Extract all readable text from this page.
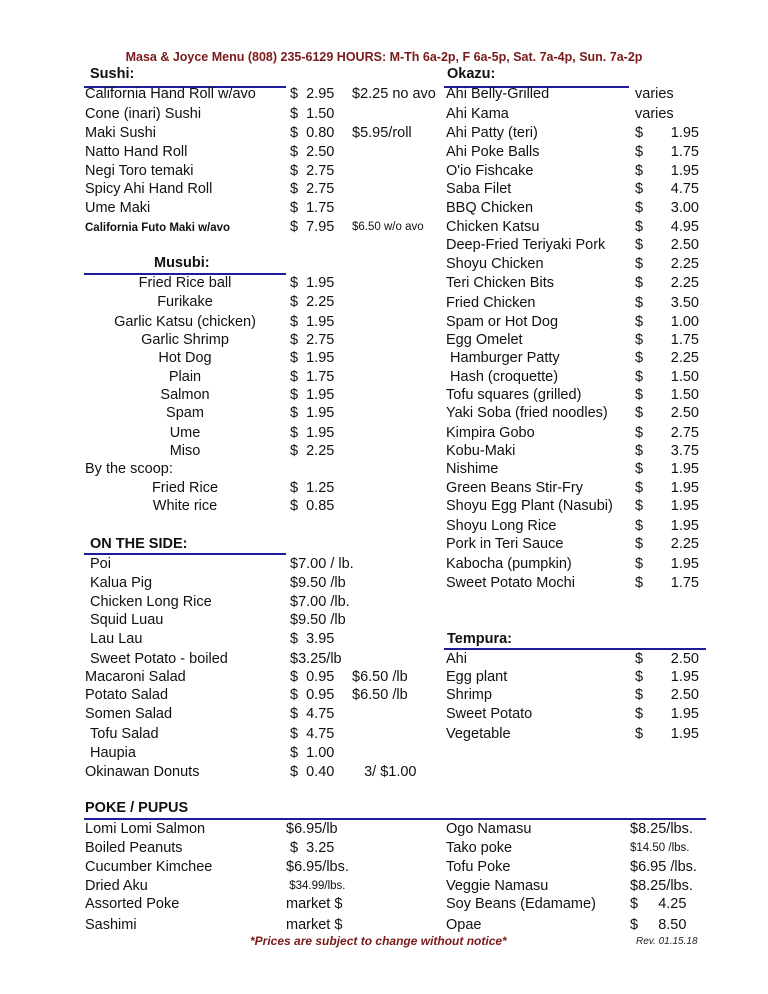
Masa & Joyce Menu (808) 235-6129 HOURS: M-Th 6a-2p, F 6a-5p, Sat. 7a-4p, Sun. 7a-2p
Sushi:	Okazu:
Musubi:
ON THE SIDE:
Tempura:
POKE / PUPUS
*Prices are subject to change without notice*	Rev. 01.15.18
California Hand Roll w/avo $  2.95 $2.25 no avo
Cone (inari) Sushi	$  1.50
Maki Sushi	$  0.80 $5.95/roll
Natto Hand Roll	$  2.50
Negi Toro temaki	$  2.75
Spicy Ahi Hand Roll	$  2.75
Ume Maki	$  1.75
California Futo Maki w/avo	$  7.95 $6.50 w/o avo
Fried Rice ball	$  1.95
Furikake	$  2.25
Garlic Katsu (chicken)	$  1.95
Garlic Shrimp	$  2.75
Hot Dog	$  1.95
Plain	$  1.75
Salmon	$  1.95
Spam	$  1.95
Ume	$  1.95
Miso	$  2.25
By the scoop:
Fried Rice	$  1.25
White rice	$  0.85
Poi	$7.00 / lb.
Kalua Pig	$9.50 /lb
Chicken Long Rice	$7.00 /lb.
Squid Luau	$9.50 /lb
Lau Lau	$  3.95
Sweet Potato - boiled	$3.25/lb
Macaroni Salad	$  0.95 $6.50 /lb
Potato Salad	$  0.95 $6.50 /lb
Somen Salad	$  4.75
Tofu Salad	$  4.75
Haupia	$  1.00
Okinawan Donuts	$  0.40 3/ $1.00
Ahi Belly-Grilled	varies
Ahi Kama	varies
Ahi Patty (teri)	$	1.95
Ahi Poke Balls	$	1.75
O'io Fishcake	$	1.95
Saba Filet	$	4.75
BBQ Chicken	$	3.00
Chicken Katsu	$	4.95
Deep-Fried Teriyaki Pork $	2.50
Shoyu Chicken	$	2.25
Teri Chicken Bits	$	2.25
Fried Chicken	$	3.50
Spam or Hot Dog	$	1.00
Egg Omelet	$	1.75
Hamburger Patty	$	2.25
Hash (croquette)	$	1.50
Tofu squares (grilled)	$	1.50
Yaki Soba (fried noodles) $	2.50
Kimpira Gobo	$	2.75
Kobu-Maki	$	3.75
Nishime	$	1.95
Green Beans Stir-Fry	$	1.95
Shoyu Egg Plant (Nasubi) $	1.95
Shoyu Long Rice	$	1.95
Pork in Teri Sauce	$	2.25
Kabocha (pumpkin)	$	1.95
Sweet Potato Mochi	$	1.75
Ahi	$	2.50
Egg plant	$	1.95
Shrimp	$	2.50
Sweet Potato	$	1.95
Vegetable	$	1.95
Lomi Lomi Salmon	$6.95/lb	Ogo Namasu	$8.25/lbs.
Boiled Peanuts	$  3.25	Tako poke	$14.50 /lbs.
Cucumber Kimchee	$6.95/lbs.	Tofu Poke	$6.95 /lbs.
Dried Aku	$34.99/lbs.	Veggie Namasu	$8.25/lbs.
Assorted Poke	market $	Soy Beans (Edamame) $     4.25
Sashimi	market $	Opae	$     8.50
